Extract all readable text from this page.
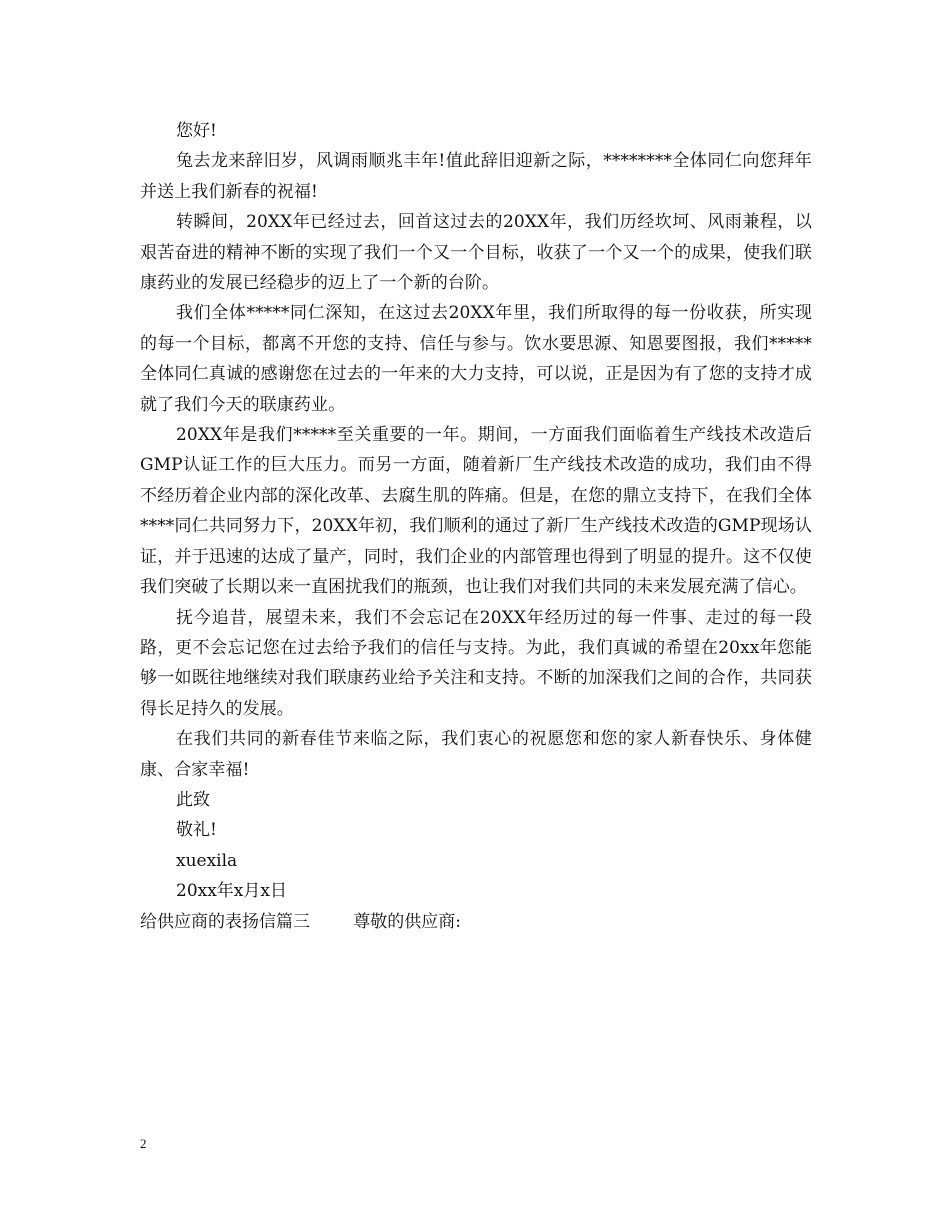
您好!

兔去龙来辞旧岁，风调雨顺兆丰年!值此辞旧迎新之际，********全体同仁向您拜年并送上我们新春的祝福!

转瞬间，20XX年已经过去，回首这过去的20XX年，我们历经坎坷、风雨兼程，以艰苦奋进的精神不断的实现了我们一个又一个目标，收获了一个又一个的成果，使我们联康药业的发展已经稳步的迈上了一个新的台阶。

我们全体*****同仁深知，在这过去20XX年里，我们所取得的每一份收获，所实现的每一个目标，都离不开您的支持、信任与参与。饮水要思源、知恩要图报，我们*****全体同仁真诚的感谢您在过去的一年来的大力支持，可以说，正是因为有了您的支持才成就了我们今天的联康药业。

20XX年是我们*****至关重要的一年。期间，一方面我们面临着生产线技术改造后GMP认证工作的巨大压力。而另一方面，随着新厂生产线技术改造的成功，我们由不得不经历着企业内部的深化改革、去腐生肌的阵痛。但是，在您的鼎立支持下，在我们全体****同仁共同努力下，20XX年初，我们顺利的通过了新厂生产线技术改造的GMP现场认证，并于迅速的达成了量产，同时，我们企业的内部管理也得到了明显的提升。这不仅使我们突破了长期以来一直困扰我们的瓶颈，也让我们对我们共同的未来发展充满了信心。

抚今追昔，展望未来，我们不会忘记在20XX年经历过的每一件事、走过的每一段路，更不会忘记您在过去给予我们的信任与支持。为此，我们真诚的希望在20xx年您能够一如既往地继续对我们联康药业给予关注和支持。不断的加深我们之间的合作，共同获得长足持久的发展。

在我们共同的新春佳节来临之际，我们衷心的祝愿您和您的家人新春快乐、身体健康、合家幸福!

此致

敬礼!

xuexila

20xx年x月x日

给供应商的表扬信篇三	尊敬的供应商:

2
